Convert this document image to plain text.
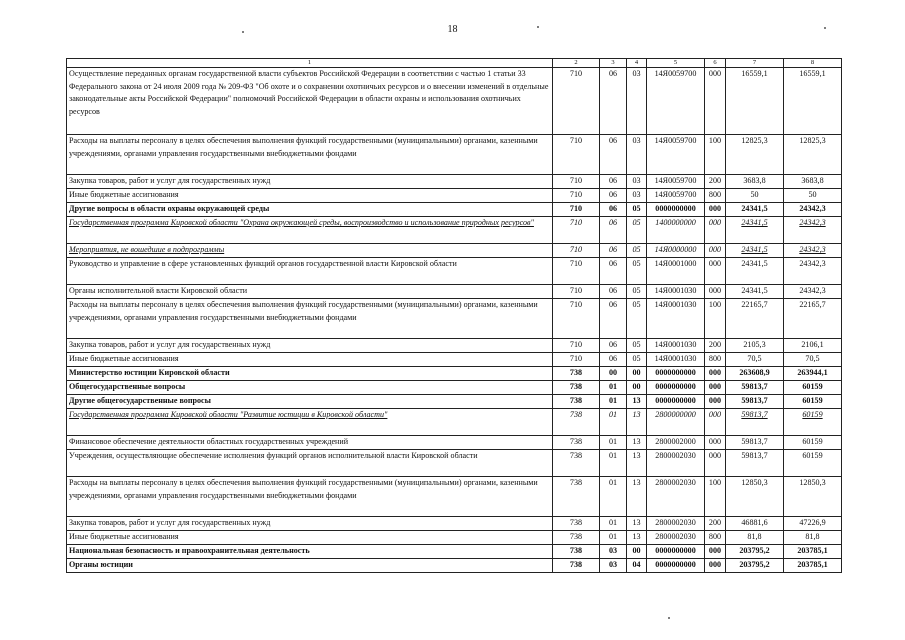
18
1	2	3	4	5	6	7	8
Осуществление переданных органам государственной власти субъектов Российской Федерации в соответствии с частью 1 статьи 33 Федерального закона от 24 июля 2009 года № 209-ФЗ "Об охоте и о сохранении охотничьих ресурсов и о внесении изменений в отдельные законодательные акты Российской Федерации" полномочий Российской Федерации в области охраны и использования охотничьих ресурсов	710	06	03	14Я0059700	000	16559,1	16559,1
Расходы на выплаты персоналу в целях обеспечения выполнения функций государственными (муниципальными) органами, казенными учреждениями, органами управления государственными внебюджетными фондами	710	06	03	14Я0059700	100	12825,3	12825,3
Закупка товаров, работ и услуг для государственных нужд	710	06	03	14Я0059700	200	3683,8	3683,8
Иные бюджетные ассигнования	710	06	03	14Я0059700	800	50	50
Другие вопросы в области охраны окружающей среды	710	06	05	0000000000	000	24341,5	24342,3
Государственная программа Кировской области "Охрана окружающей среды, воспроизводство и использование природных ресурсов"	710	06	05	1400000000	000	24341,5	24342,3
Мероприятия, не вошедшие в подпрограммы	710	06	05	14Я0000000	000	24341,5	24342,3
Руководство и управление в сфере установленных функций органов государственной власти Кировской области	710	06	05	14Я0001000	000	24341,5	24342,3
Органы исполнительной власти Кировской области	710	06	05	14Я0001030	000	24341,5	24342,3
Расходы на выплаты персоналу в целях обеспечения выполнения функций государственными (муниципальными) органами, казенными учреждениями, органами управления государственными внебюджетными фондами	710	06	05	14Я0001030	100	22165,7	22165,7
Закупка товаров, работ и услуг для государственных нужд	710	06	05	14Я0001030	200	2105,3	2106,1
Иные бюджетные ассигнования	710	06	05	14Я0001030	800	70,5	70,5
Министерство юстиции Кировской области	738	00	00	0000000000	000	263608,9	263944,1
Общегосударственные вопросы	738	01	00	0000000000	000	59813,7	60159
Другие общегосударственные вопросы	738	01	13	0000000000	000	59813,7	60159
Государственная программа Кировской области "Развитие юстиции в Кировской области"	738	01	13	2800000000	000	59813,7	60159
Финансовое обеспечение деятельности областных государственных учреждений	738	01	13	2800002000	000	59813,7	60159
Учреждения, осуществляющие обеспечение исполнения функций органов исполнительной власти Кировской области	738	01	13	2800002030	000	59813,7	60159
Расходы на выплаты персоналу в целях обеспечения выполнения функций государственными (муниципальными) органами, казенными учреждениями, органами управления государственными внебюджетными фондами	738	01	13	2800002030	100	12850,3	12850,3
Закупка товаров, работ и услуг для государственных нужд	738	01	13	2800002030	200	46881,6	47226,9
Иные бюджетные ассигнования	738	01	13	2800002030	800	81,8	81,8
Национальная безопасность и правоохранительная деятельность	738	03	00	0000000000	000	203795,2	203785,1
Органы юстиции	738	03	04	0000000000	000	203795,2	203785,1
